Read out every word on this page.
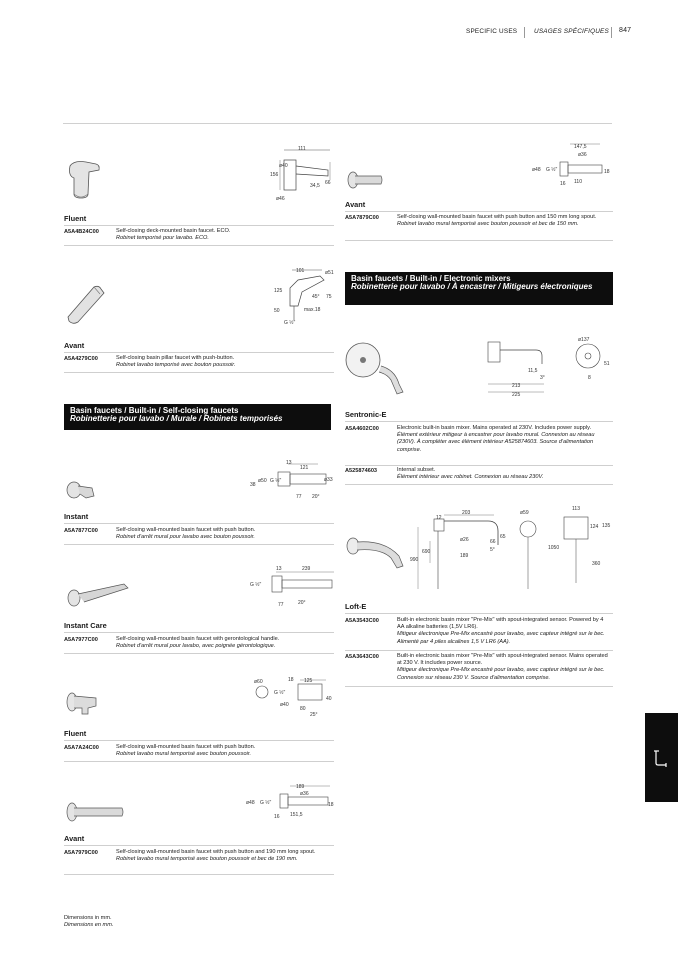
SPECIFIC USES	USAGES SPÉCIFIQUES 847
111
ø40
156
66
34,5
ø46
Fluent
A5A4B24C00	Self-closing deck-mounted basin faucet. ECO.
Robinet temporisé pour lavabo. ECO.
101	ø51
125
45° 75
50	max.18
G ½"
Avant
A5A4279C00	Self-closing basin pillar faucet with push-button.
Robinet lavabo temporisé avec bouton poussoir.
Basin faucets / Built-in / Self-closing faucets
Robinetterie pour lavabo / Murale / Robinets temporisés
13
121
ø50 G ½"	ø33
38
77 20°
Instant
A5A7877C00	Self-closing wall-mounted basin faucet with push button.
Robinet d'arrêt mural pour lavabo avec bouton poussoir.
13	239
G ½"
77	20°
Instant Care
A5A7977C00	Self-closing wall-mounted basin faucet with gerontological handle.
Robinet d'arrêt mural pour lavabo, avec poignée gérontologique.
ø60	18 125
G ½"
40
ø40
80
25°
Fluent
A5A7A24C00	Self-closing wall-mounted basin faucet with push button.
Robinet lavabo mural temporisé avec bouton poussoir.
189
ø36
ø48 G ½"	18
16 151,5
Avant
A5A7979C00	Self-closing wall-mounted basin faucet with push button and 190 mm long spout.
Robinet lavabo mural temporisé avec bouton poussoir et bec de 190 mm.
147,5
ø36
ø48 G ½"	18
16 110
Avant
A5A7879C00	Self-closing wall-mounted basin faucet with push button and 150 mm long spout.
Robinet lavabo mural temporisé avec bouton poussoir et bec de 150 mm.
Basin faucets / Built-in / Electronic mixers
Robinetterie pour lavabo / À encastrer / Mitigeurs électroniques
ø137
51
11,5
3°
213
225
8
Sentronic-E
A5A4602C00	Electronic built-in basin mixer. Mains operated at 230V. Includes power supply.
Élément extérieur mitigeur à encastrer pour lavabo mural. Connexion au réseau (230V). À compléter avec élément intérieur A525874603. Source d'alimentation comprise.
A525874603	Internal subset.
Élément intérieur avec robinet. Connexion au réseau 230V.
203
12
ø59
113
124 135
65
ø26	66
5°
690
189
990
1050
360
Loft-E
A5A3543C00	Built-in electronic basin mixer "Pre-Mix" with spout-integrated sensor. Powered by 4 AA alkaline batteries (1,5V LR6).
Mitigeur électronique Pre-Mix encastré pour lavabo, avec capteur intégré sur le bec. Alimenté par 4 piles alcalines 1,5 V LR6 (AA).
A5A3643C00	Built-in electronic basin mixer "Pre-Mix" with spout-integrated sensor. Mains operated at 230 V. It includes power source.
Mitigeur électronique Pre-Mix encastré pour lavabo, avec capteur intégré sur le bec. Connexion sur réseau 230 V. Source d'alimentation comprise.
Dimensions in mm.
Dimensions en mm.
